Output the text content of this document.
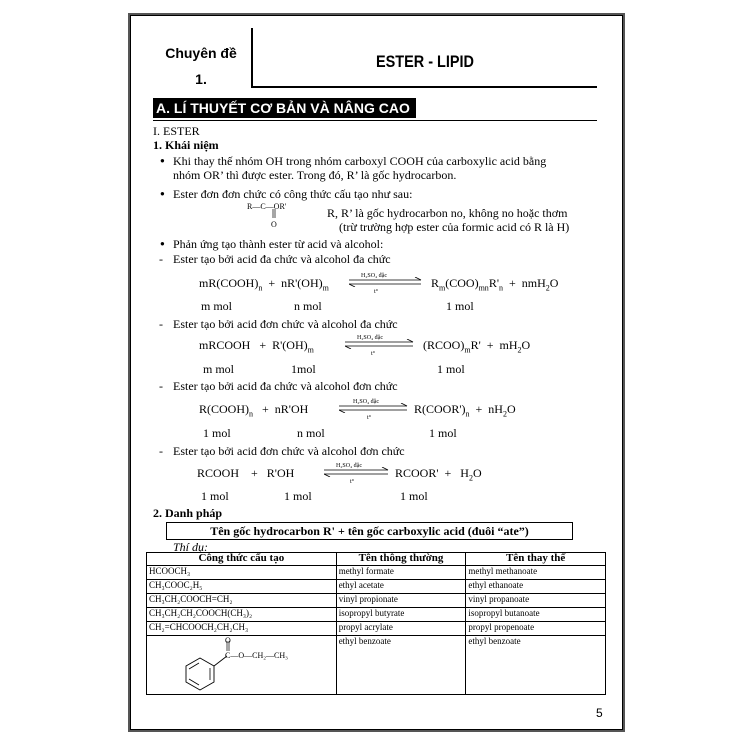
Chuyên đề
1.
ESTER - LIPID
A. LÍ THUYẾT CƠ BẢN VÀ NÂNG CAO
I. ESTER
1. Khái niệm
● Khi thay thế nhóm OH trong nhóm carboxyl COOH của carboxylic acid bằng
nhóm OR’ thì được ester. Trong đó, R’ là gốc hydrocarbon.
● Ester đơn đơn chức có công thức cấu tạo như sau:
R—C—OR'
O
R, R’ là gốc hydrocarbon no, không no hoặc thơm
(trừ trường hợp ester của formic acid có R là H)
● Phản ứng tạo thành ester từ acid và alcohol:
- Ester tạo bởi acid đa chức và alcohol đa chức
$mR(COOH)_n + nR'(OH)_m$
H₂SO₄ đặc
t°
$R_m(COO)_{mn}R'_n + nmH_2O$
m mol	n mol	1 mol
- Ester tạo bởi acid đơn chức và alcohol đa chức
mRCOOH + $R'(OH)_m$
H₂SO₄ đặc
t°
$(RCOO)_mR' + mH_2O$
m mol	1mol	1 mol
- Ester tạo bởi acid đa chức và alcohol đơn chức
$R(COOH)_n + nR'OH$	H₂SO₄ đặc
t°
$R(COOR')_n + nH_2O$
1 mol	n mol	1 mol
- Ester tạo bởi acid đơn chức và alcohol đơn chức
RCOOH + R'OH	H₂SO₄ đặc
t°
RCOOR' + $H_2O$
1 mol	1 mol	1 mol
2. Danh pháp
Tên gốc hydrocarbon R' + tên gốc carboxylic acid (đuôi “ate”)
Thí dụ:
Công thức cấu tạo	Tên thông thường	Tên thay thế
HCOOCH₃	methyl formate	methyl methanoate
CH₃COOC₂H₅	ethyl acetate	ethyl ethanoate
CH₃CH₂COOCH=CH₂	vinyl propionate	vinyl propanoate
CH₃CH₂CH₂COOCH(CH₃)₂	isopropyl butyrate	isopropyl butanoate
CH₂=CHCOOCH₂CH₂CH₃	propyl acrylate	propyl propenoate

O
C—O—CH₂—CH₃	ethyl benzoate	ethyl benzoate
5
